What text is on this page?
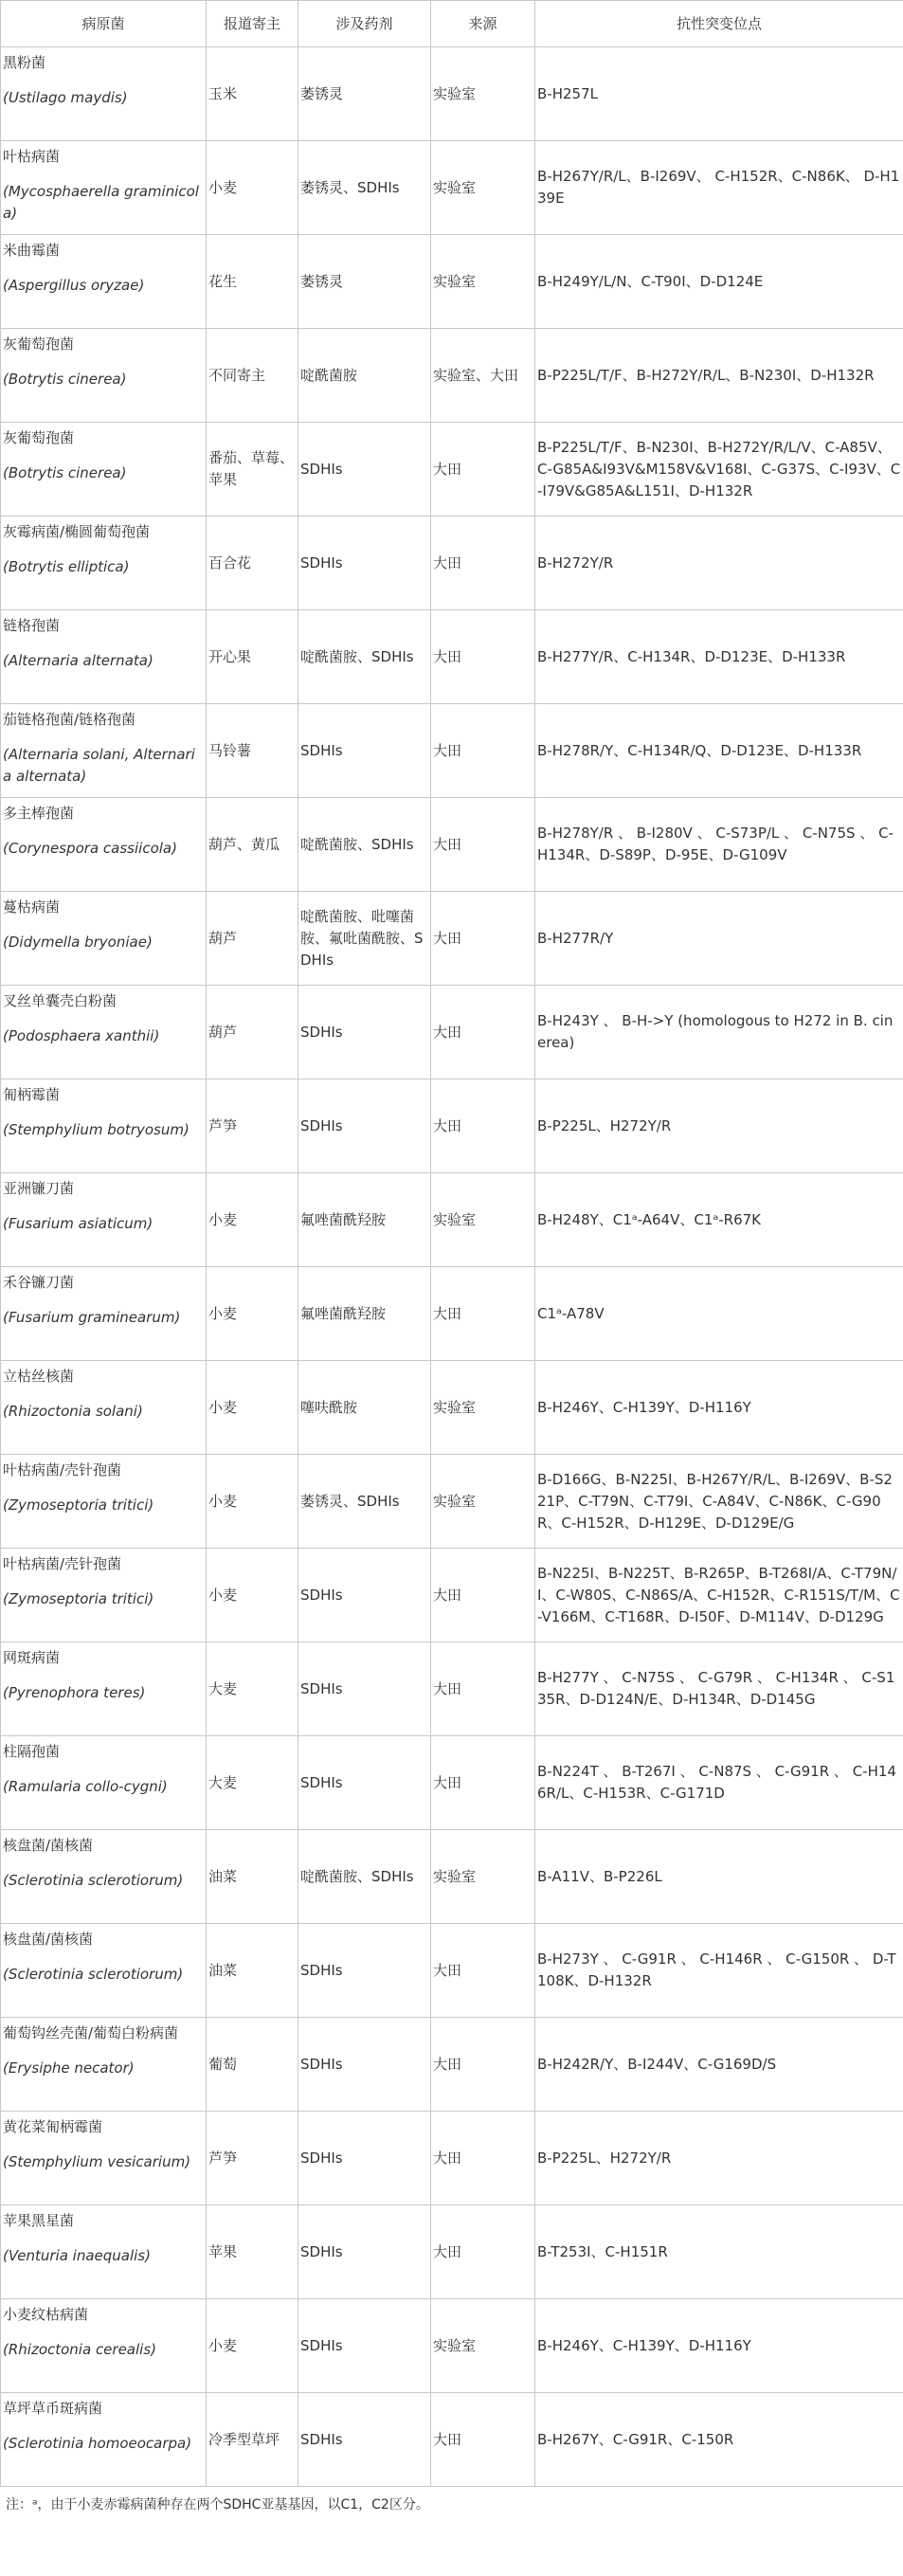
病原菌	报道寄主	涉及药剂	来源	抗性突变位点

黑粉菌
(Ustilago maydis)	玉米	萎锈灵	实验室	B-H257L

叶枯病菌
(Mycosphaerella graminicola)	小麦	萎锈灵、SDHIs	实验室	B-H267Y/R/L、B-I269V、 C-H152R、C-N86K、 D-H139E

米曲霉菌
(Aspergillus oryzae)	花生	萎锈灵	实验室	B-H249Y/L/N、C-T90I、D-D124E

灰葡萄孢菌
(Botrytis cinerea)	不同寄主	啶酰菌胺	实验室、大田	B-P225L/T/F、B-H272Y/R/L、B-N230I、D-H132R

灰葡萄孢菌
(Botrytis cinerea)	番茄、草莓、苹果	SDHIs	大田	B-P225L/T/F、B-N230I、B-H272Y/R/L/V、C-A85V、C-G85A&I93V&M158V&V168I、C-G37S、C-I93V、C-I79V&G85A&L151I、D-H132R

灰霉病菌/椭圆葡萄孢菌
(Botrytis elliptica)	百合花	SDHIs	大田	B-H272Y/R

链格孢菌
(Alternaria alternata)	开心果	啶酰菌胺、SDHIs	大田	B-H277Y/R、C-H134R、D-D123E、D-H133R

茄链格孢菌/链格孢菌
(Alternaria solani, Alternaria alternata)	马铃薯	SDHIs	大田	B-H278R/Y、C-H134R/Q、D-D123E、D-H133R

多主棒孢菌
(Corynespora cassiicola)	葫芦、黄瓜	啶酰菌胺、SDHIs	大田	B-H278Y/R 、 B-I280V 、 C-S73P/L 、 C-N75S 、 C-H134R、D-S89P、D-95E、D-G109V

蔓枯病菌
(Didymella bryoniae)	葫芦	啶酰菌胺、吡噻菌胺、氟吡菌酰胺、SDHIs	大田	B-H277R/Y

叉丝单囊壳白粉菌
(Podosphaera xanthii)	葫芦	SDHIs	大田	B-H243Y 、 B-H->Y (homologous to H272 in B. cinerea)

匍柄霉菌
(Stemphylium botryosum)	芦笋	SDHIs	大田	B-P225L、H272Y/R

亚洲镰刀菌
(Fusarium asiaticum)	小麦	氟唑菌酰羟胺	实验室	B-H248Y、C1ᵃ-A64V、C1ᵃ-R67K

禾谷镰刀菌
(Fusarium graminearum)	小麦	氟唑菌酰羟胺	大田	C1ᵃ-A78V

立枯丝核菌
(Rhizoctonia solani)	小麦	噻呋酰胺	实验室	B-H246Y、C-H139Y、D-H116Y

叶枯病菌/壳针孢菌
(Zymoseptoria tritici)	小麦	萎锈灵、SDHIs	实验室	B-D166G、B-N225I、B-H267Y/R/L、B-I269V、B-S221P、C-T79N、C-T79I、C-A84V、C-N86K、C-G90R、C-H152R、D-H129E、D-D129E/G

叶枯病菌/壳针孢菌
(Zymoseptoria tritici)	小麦	SDHIs	大田	B-N225I、B-N225T、B-R265P、B-T268I/A、C-T79N/I、C-W80S、C-N86S/A、C-H152R、C-R151S/T/M、C-V166M、C-T168R、D-I50F、D-M114V、D-D129G

网斑病菌
(Pyrenophora teres)	大麦	SDHIs	大田	B-H277Y 、 C-N75S 、 C-G79R 、 C-H134R 、 C-S135R、D-D124N/E、D-H134R、D-D145G

柱隔孢菌
(Ramularia collo-cygni)	大麦	SDHIs	大田	B-N224T 、 B-T267I 、 C-N87S 、 C-G91R 、 C-H146R/L、C-H153R、C-G171D

核盘菌/菌核菌
(Sclerotinia sclerotiorum)	油菜	啶酰菌胺、SDHIs	实验室	B-A11V、B-P226L

核盘菌/菌核菌
(Sclerotinia sclerotiorum)	油菜	SDHIs	大田	B-H273Y 、 C-G91R 、 C-H146R 、 C-G150R 、 D-T108K、D-H132R

葡萄钩丝壳菌/葡萄白粉病菌
(Erysiphe necator)	葡萄	SDHIs	大田	B-H242R/Y、B-I244V、C-G169D/S

黄花菜匍柄霉菌
(Stemphylium vesicarium)	芦笋	SDHIs	大田	B-P225L、H272Y/R

苹果黑星菌
(Venturia inaequalis)	苹果	SDHIs	大田	B-T253I、C-H151R

小麦纹枯病菌
(Rhizoctonia cerealis)	小麦	SDHIs	实验室	B-H246Y、C-H139Y、D-H116Y

草坪草币斑病菌
(Sclerotinia homoeocarpa)	冷季型草坪	SDHIs	大田	B-H267Y、C-G91R、C-150R
注：ᵃ，由于小麦赤霉病菌种存在两个SDHC亚基基因，以C1，C2区分。
